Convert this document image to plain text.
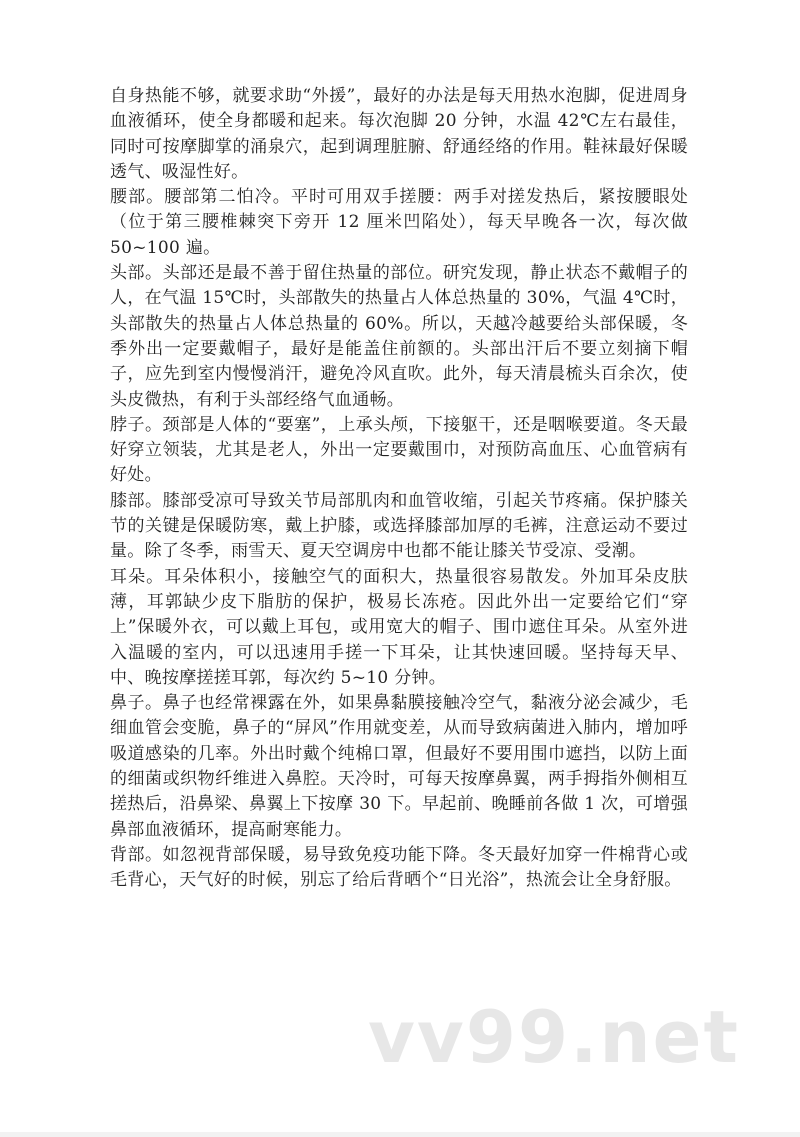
自身热能不够，就要求助“外援”，最好的办法是每天用热水泡脚，促进周身血液循环，使全身都暖和起来。每次泡脚 20 分钟，水温 42℃左右最佳，同时可按摩脚掌的涌泉穴，起到调理脏腑、舒通经络的作用。鞋袜最好保暖透气、吸湿性好。

腰部。腰部第二怕冷。平时可用双手搓腰：两手对搓发热后，紧按腰眼处（位于第三腰椎棘突下旁开 12 厘米凹陷处），每天早晚各一次，每次做 50~100 遍。

头部。头部还是最不善于留住热量的部位。研究发现，静止状态不戴帽子的人，在气温 15℃时，头部散失的热量占人体总热量的 30%，气温 4℃时，头部散失的热量占人体总热量的 60%。所以，天越冷越要给头部保暖，冬季外出一定要戴帽子，最好是能盖住前额的。头部出汗后不要立刻摘下帽子，应先到室内慢慢消汗，避免冷风直吹。此外，每天清晨梳头百余次，使头皮微热，有利于头部经络气血通畅。

脖子。颈部是人体的“要塞”，上承头颅，下接躯干，还是咽喉要道。冬天最好穿立领装，尤其是老人，外出一定要戴围巾，对预防高血压、心血管病有好处。

膝部。膝部受凉可导致关节局部肌肉和血管收缩，引起关节疼痛。保护膝关节的关键是保暖防寒，戴上护膝，或选择膝部加厚的毛裤，注意运动不要过量。除了冬季，雨雪天、夏天空调房中也都不能让膝关节受凉、受潮。

耳朵。耳朵体积小，接触空气的面积大，热量很容易散发。外加耳朵皮肤薄，耳郭缺少皮下脂肪的保护，极易长冻疮。因此外出一定要给它们“穿上”保暖外衣，可以戴上耳包，或用宽大的帽子、围巾遮住耳朵。从室外进入温暖的室内，可以迅速用手搓一下耳朵，让其快速回暖。坚持每天早、中、晚按摩搓搓耳郭，每次约 5~10 分钟。

鼻子。鼻子也经常裸露在外，如果鼻黏膜接触冷空气，黏液分泌会减少，毛细血管会变脆，鼻子的“屏风”作用就变差，从而导致病菌进入肺内，增加呼吸道感染的几率。外出时戴个纯棉口罩，但最好不要用围巾遮挡，以防上面的细菌或织物纤维进入鼻腔。天冷时，可每天按摩鼻翼，两手拇指外侧相互搓热后，沿鼻梁、鼻翼上下按摩 30 下。早起前、晚睡前各做 1 次，可增强鼻部血液循环，提高耐寒能力。

背部。如忽视背部保暖，易导致免疫功能下降。冬天最好加穿一件棉背心或毛背心，天气好的时候，别忘了给后背晒个“日光浴”，热流会让全身舒服。

vv99.net
